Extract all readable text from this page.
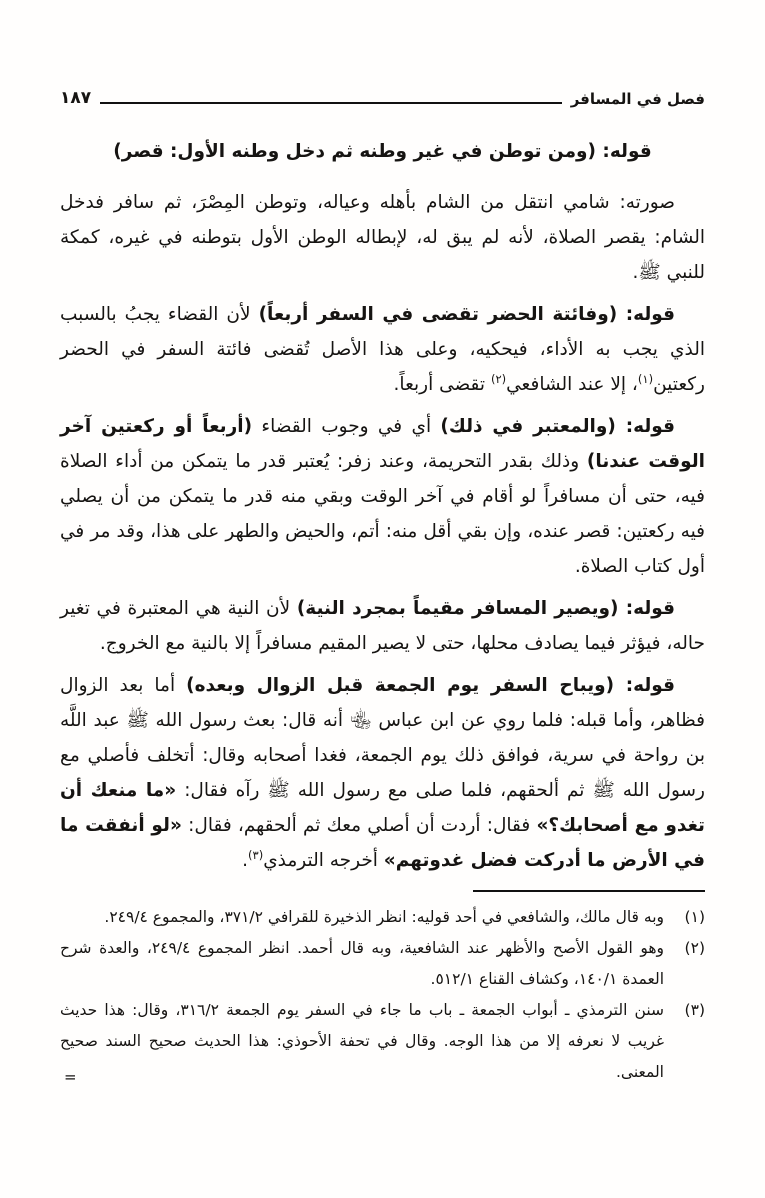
فصل في المسافر
١٨٧

قوله: (ومن توطن في غير وطنه ثم دخل وطنه الأول: قصر)

صورته: شامي انتقل من الشام بأهله وعياله، وتوطن المِصْرَ، ثم سافر فدخل الشام: يقصر الصلاة، لأنه لم يبق له، لإبطاله الوطن الأول بتوطنه في غيره، كمكة للنبي ﷺ.

قوله: (وفائتة الحضر تقضى في السفر أربعاً) لأن القضاء يجبُ بالسبب الذي يجب به الأداء، فيحكيه، وعلى هذا الأصل تُقضى فائتة السفر في الحضر ركعتين$^{(١)}$، إلا عند الشافعي$^{(٢)}$ تقضى أربعاً.

قوله: (والمعتبر في ذلك) أي في وجوب القضاء (أربعاً أو ركعتين آخر الوقت عندنا) وذلك بقدر التحريمة، وعند زفر: يُعتبر قدر ما يتمكن من أداء الصلاة فيه، حتى أن مسافراً لو أقام في آخر الوقت وبقي منه قدر ما يتمكن من أن يصلي فيه ركعتين: قصر عنده، وإن بقي أقل منه: أتم، والحيض والطهر على هذا، وقد مر في أول كتاب الصلاة.

قوله: (ويصير المسافر مقيماً بمجرد النية) لأن النية هي المعتبرة في تغير حاله، فيؤثر فيما يصادف محلها، حتى لا يصير المقيم مسافراً إلا بالنية مع الخروج.

قوله: (ويباح السفر يوم الجمعة قبل الزوال وبعده) أما بعد الزوال فظاهر، وأما قبله: فلما روي عن ابن عباس ﵄ أنه قال: بعث رسول الله ﷺ عبد اللَّه بن رواحة في سرية، فوافق ذلك يوم الجمعة، فغدا أصحابه وقال: أتخلف فأصلي مع رسول الله ﷺ ثم ألحقهم، فلما صلى مع رسول الله ﷺ رآه فقال: «ما منعك أن تغدو مع أصحابك؟» فقال: أردت أن أصلي معك ثم ألحقهم، فقال: «لو أنفقت ما في الأرض ما أدركت فضل غدوتهم» أخرجه الترمذي$^{(٣)}$.

(١)
وبه قال مالك، والشافعي في أحد قوليه: انظر الذخيرة للقرافي ٣٧١/٢، والمجموع ٢٤٩/٤.
(٢)
وهو القول الأصح والأظهر عند الشافعية، وبه قال أحمد. انظر المجموع ٢٤٩/٤، والعدة شرح العمدة ١٤٠/١، وكشاف القناع ٥١٢/١.
(٣)
سنن الترمذي ـ أبواب الجمعة ـ باب ما جاء في السفر يوم الجمعة ٣١٦/٢، وقال: هذا حديث غريب لا نعرفه إلا من هذا الوجه. وقال في تحفة الأحوذي: هذا الحديث صحيح السند صحيح المعنى.
=
